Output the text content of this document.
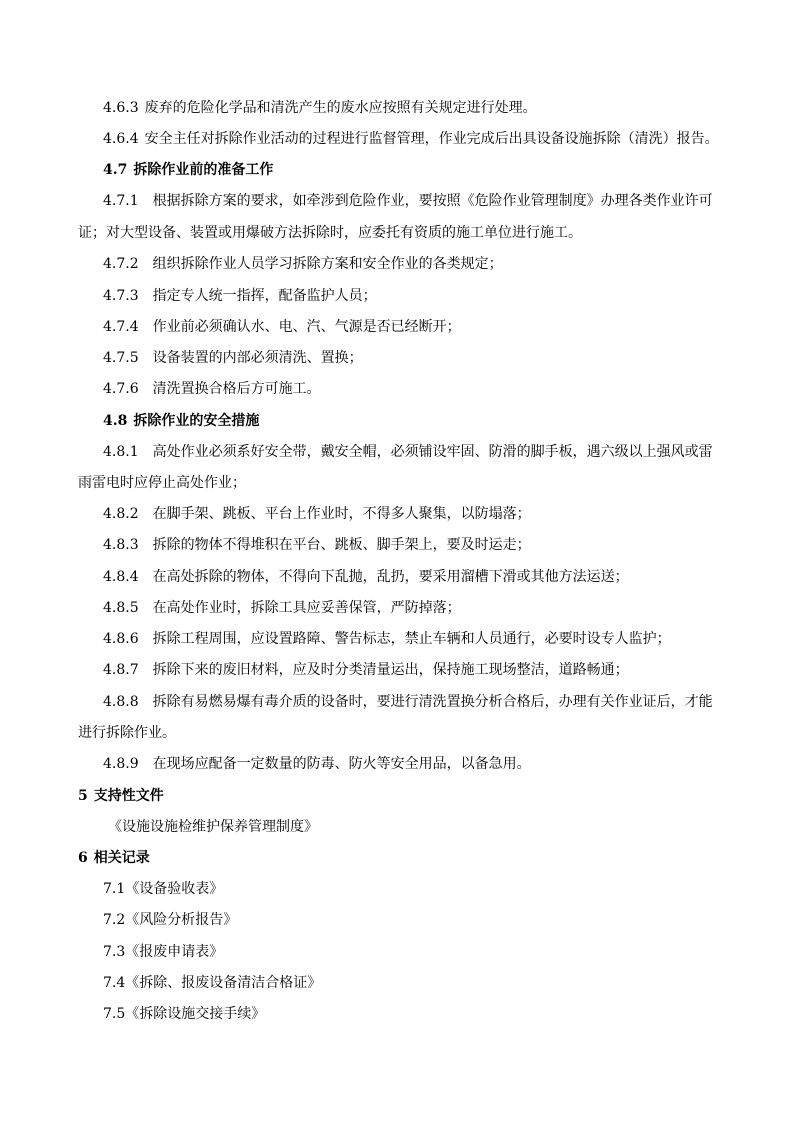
4.6.3 废弃的危险化学品和清洗产生的废水应按照有关规定进行处理。
4.6.4 安全主任对拆除作业活动的过程进行监督管理，作业完成后出具设备设施拆除（清洗）报告。
4.7 拆除作业前的准备工作
4.7.1 根据拆除方案的要求，如牵涉到危险作业，要按照《危险作业管理制度》办理各类作业许可
证；对大型设备、装置或用爆破方法拆除时，应委托有资质的施工单位进行施工。
4.7.2 组织拆除作业人员学习拆除方案和安全作业的各类规定；
4.7.3 指定专人统一指挥，配备监护人员；
4.7.4 作业前必须确认水、电、汽、气源是否已经断开；
4.7.5 设备装置的内部必须清洗、置换；
4.7.6 清洗置换合格后方可施工。
4.8 拆除作业的安全措施
4.8.1 高处作业必须系好安全带，戴安全帽，必须铺设牢固、防滑的脚手板，遇六级以上强风或雷
雨雷电时应停止高处作业；
4.8.2 在脚手架、跳板、平台上作业时，不得多人聚集，以防塌落；
4.8.3 拆除的物体不得堆积在平台、跳板、脚手架上，要及时运走；
4.8.4 在高处拆除的物体，不得向下乱抛，乱扔，要采用溜槽下滑或其他方法运送；
4.8.5 在高处作业时，拆除工具应妥善保管，严防掉落；
4.8.6 拆除工程周围，应设置路障、警告标志，禁止车辆和人员通行，必要时设专人监护；
4.8.7 拆除下来的废旧材料，应及时分类清量运出，保持施工现场整洁，道路畅通；
4.8.8 拆除有易燃易爆有毒介质的设备时，要进行清洗置换分析合格后，办理有关作业证后，才能
进行拆除作业。
4.8.9 在现场应配备一定数量的防毒、防火等安全用品，以备急用。
5 支持性文件
《设施设施检维护保养管理制度》
6 相关记录
7.1《设备验收表》
7.2《风险分析报告》
7.3《报废申请表》
7.4《拆除、报废设备清洁合格证》
7.5《拆除设施交接手续》
